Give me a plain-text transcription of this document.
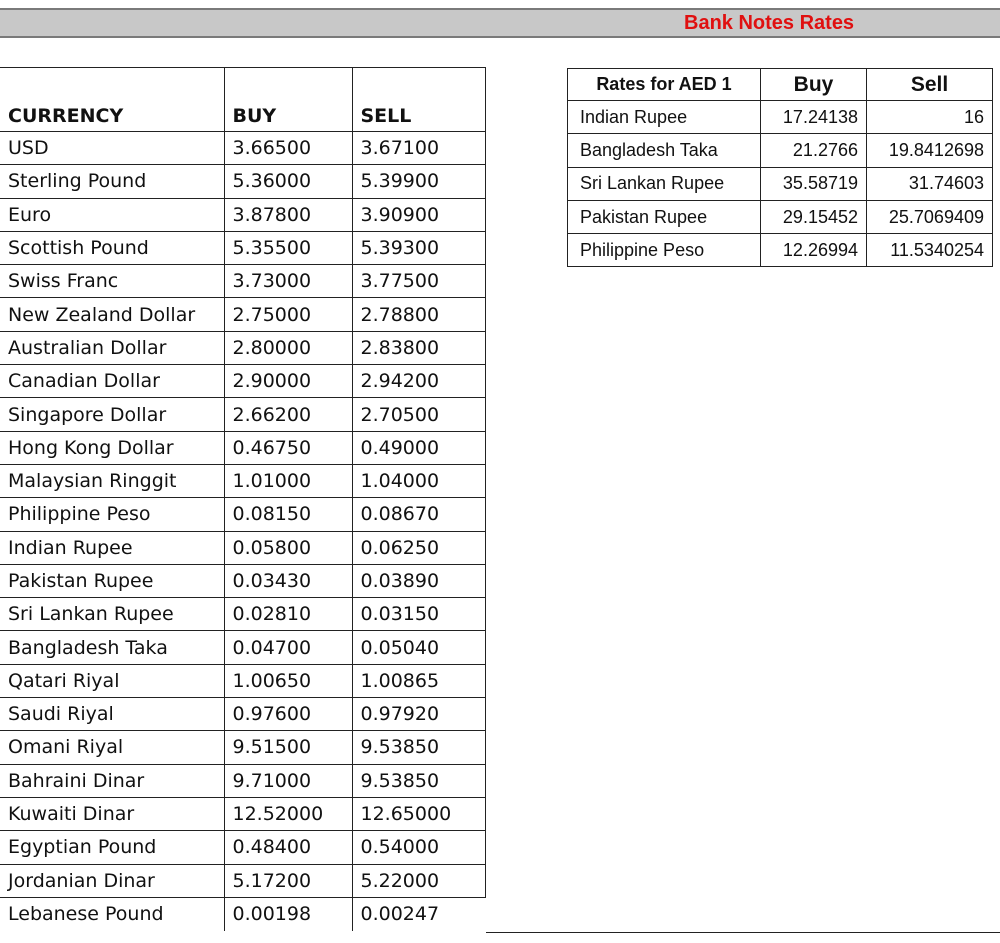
Bank Notes Rates
CURRENCY	BUY	SELL
USD	3.66500	3.67100
Sterling Pound	5.36000	5.39900
Euro	3.87800	3.90900
Scottish Pound	5.35500	5.39300
Swiss Franc	3.73000	3.77500
New Zealand Dollar	2.75000	2.78800
Australian Dollar	2.80000	2.83800
Canadian Dollar	2.90000	2.94200
Singapore Dollar	2.66200	2.70500
Hong Kong Dollar	0.46750	0.49000
Malaysian Ringgit	1.01000	1.04000
Philippine Peso	0.08150	0.08670
Indian Rupee	0.05800	0.06250
Pakistan Rupee	0.03430	0.03890
Sri Lankan Rupee	0.02810	0.03150
Bangladesh Taka	0.04700	0.05040
Qatari Riyal	1.00650	1.00865
Saudi Riyal	0.97600	0.97920
Omani Riyal	9.51500	9.53850
Bahraini Dinar	9.71000	9.53850
Kuwaiti Dinar	12.52000	12.65000
Egyptian Pound	0.48400	0.54000
Jordanian Dinar	5.17200	5.22000
Lebanese Pound	0.00198	0.00247
Rates for AED 1	Buy	Sell
Indian Rupee	17.24138	16
Bangladesh Taka	21.2766	19.8412698
Sri Lankan Rupee	35.58719	31.74603
Pakistan Rupee	29.15452	25.7069409
Philippine Peso	12.26994	11.5340254
